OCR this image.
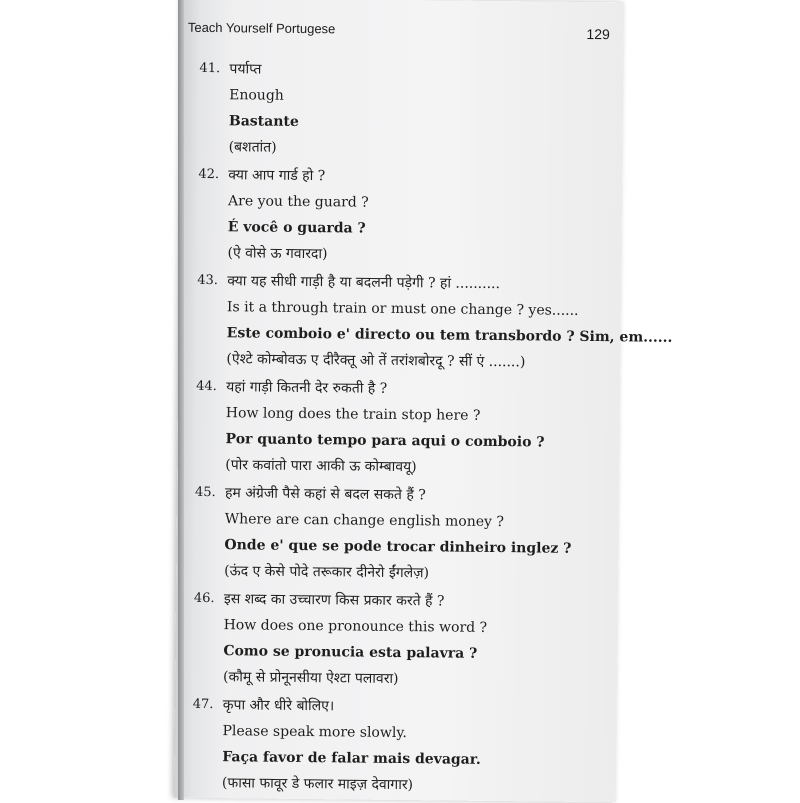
Teach Yourself Portugese	129
41. पर्याप्त
Enough
Bastante
(बशतांत)
42. क्या आप गार्ड हो ?
Are you the guard ?
É você o guarda ?
(ऐ वोसे ऊ गवारदा)
43. क्या यह सीधी गाड़ी है या बदलनी पड़ेगी ? हां ..........
Is it a through train or must one change ? yes......
Este comboio e' directo ou tem transbordo ? Sim, em......
(ऐश्टे कोम्बोवऊ ए दीरैक्तू ओ तें तरांशबोरदू ? सीं एं .......)
44. यहां गाड़ी कितनी देर रुकती है ?
How long does the train stop here ?
Por quanto tempo para aqui o comboio ?
(पोर कवांतो पारा आकी ऊ कोम्बावयू)
45. हम अंग्रेजी पैसे कहां से बदल सकते हैं ?
Where are can change english money ?
Onde e' que se pode trocar dinheiro inglez ?
(ऊंद ए केसे पोदे तरूकार दीनेरो ईंगलेज़)
46. इस शब्द का उच्चारण किस प्रकार करते हैं ?
How does one pronounce this word ?
Como se pronucia esta palavra ?
(कौमू से प्रोनूनसीया ऐश्टा पलावरा)
47. कृपा और धीरे बोलिए।
Please speak more slowly.
Faça favor de falar mais devagar.
(फासा फावूर डे फलार माइज़ देवागार)
